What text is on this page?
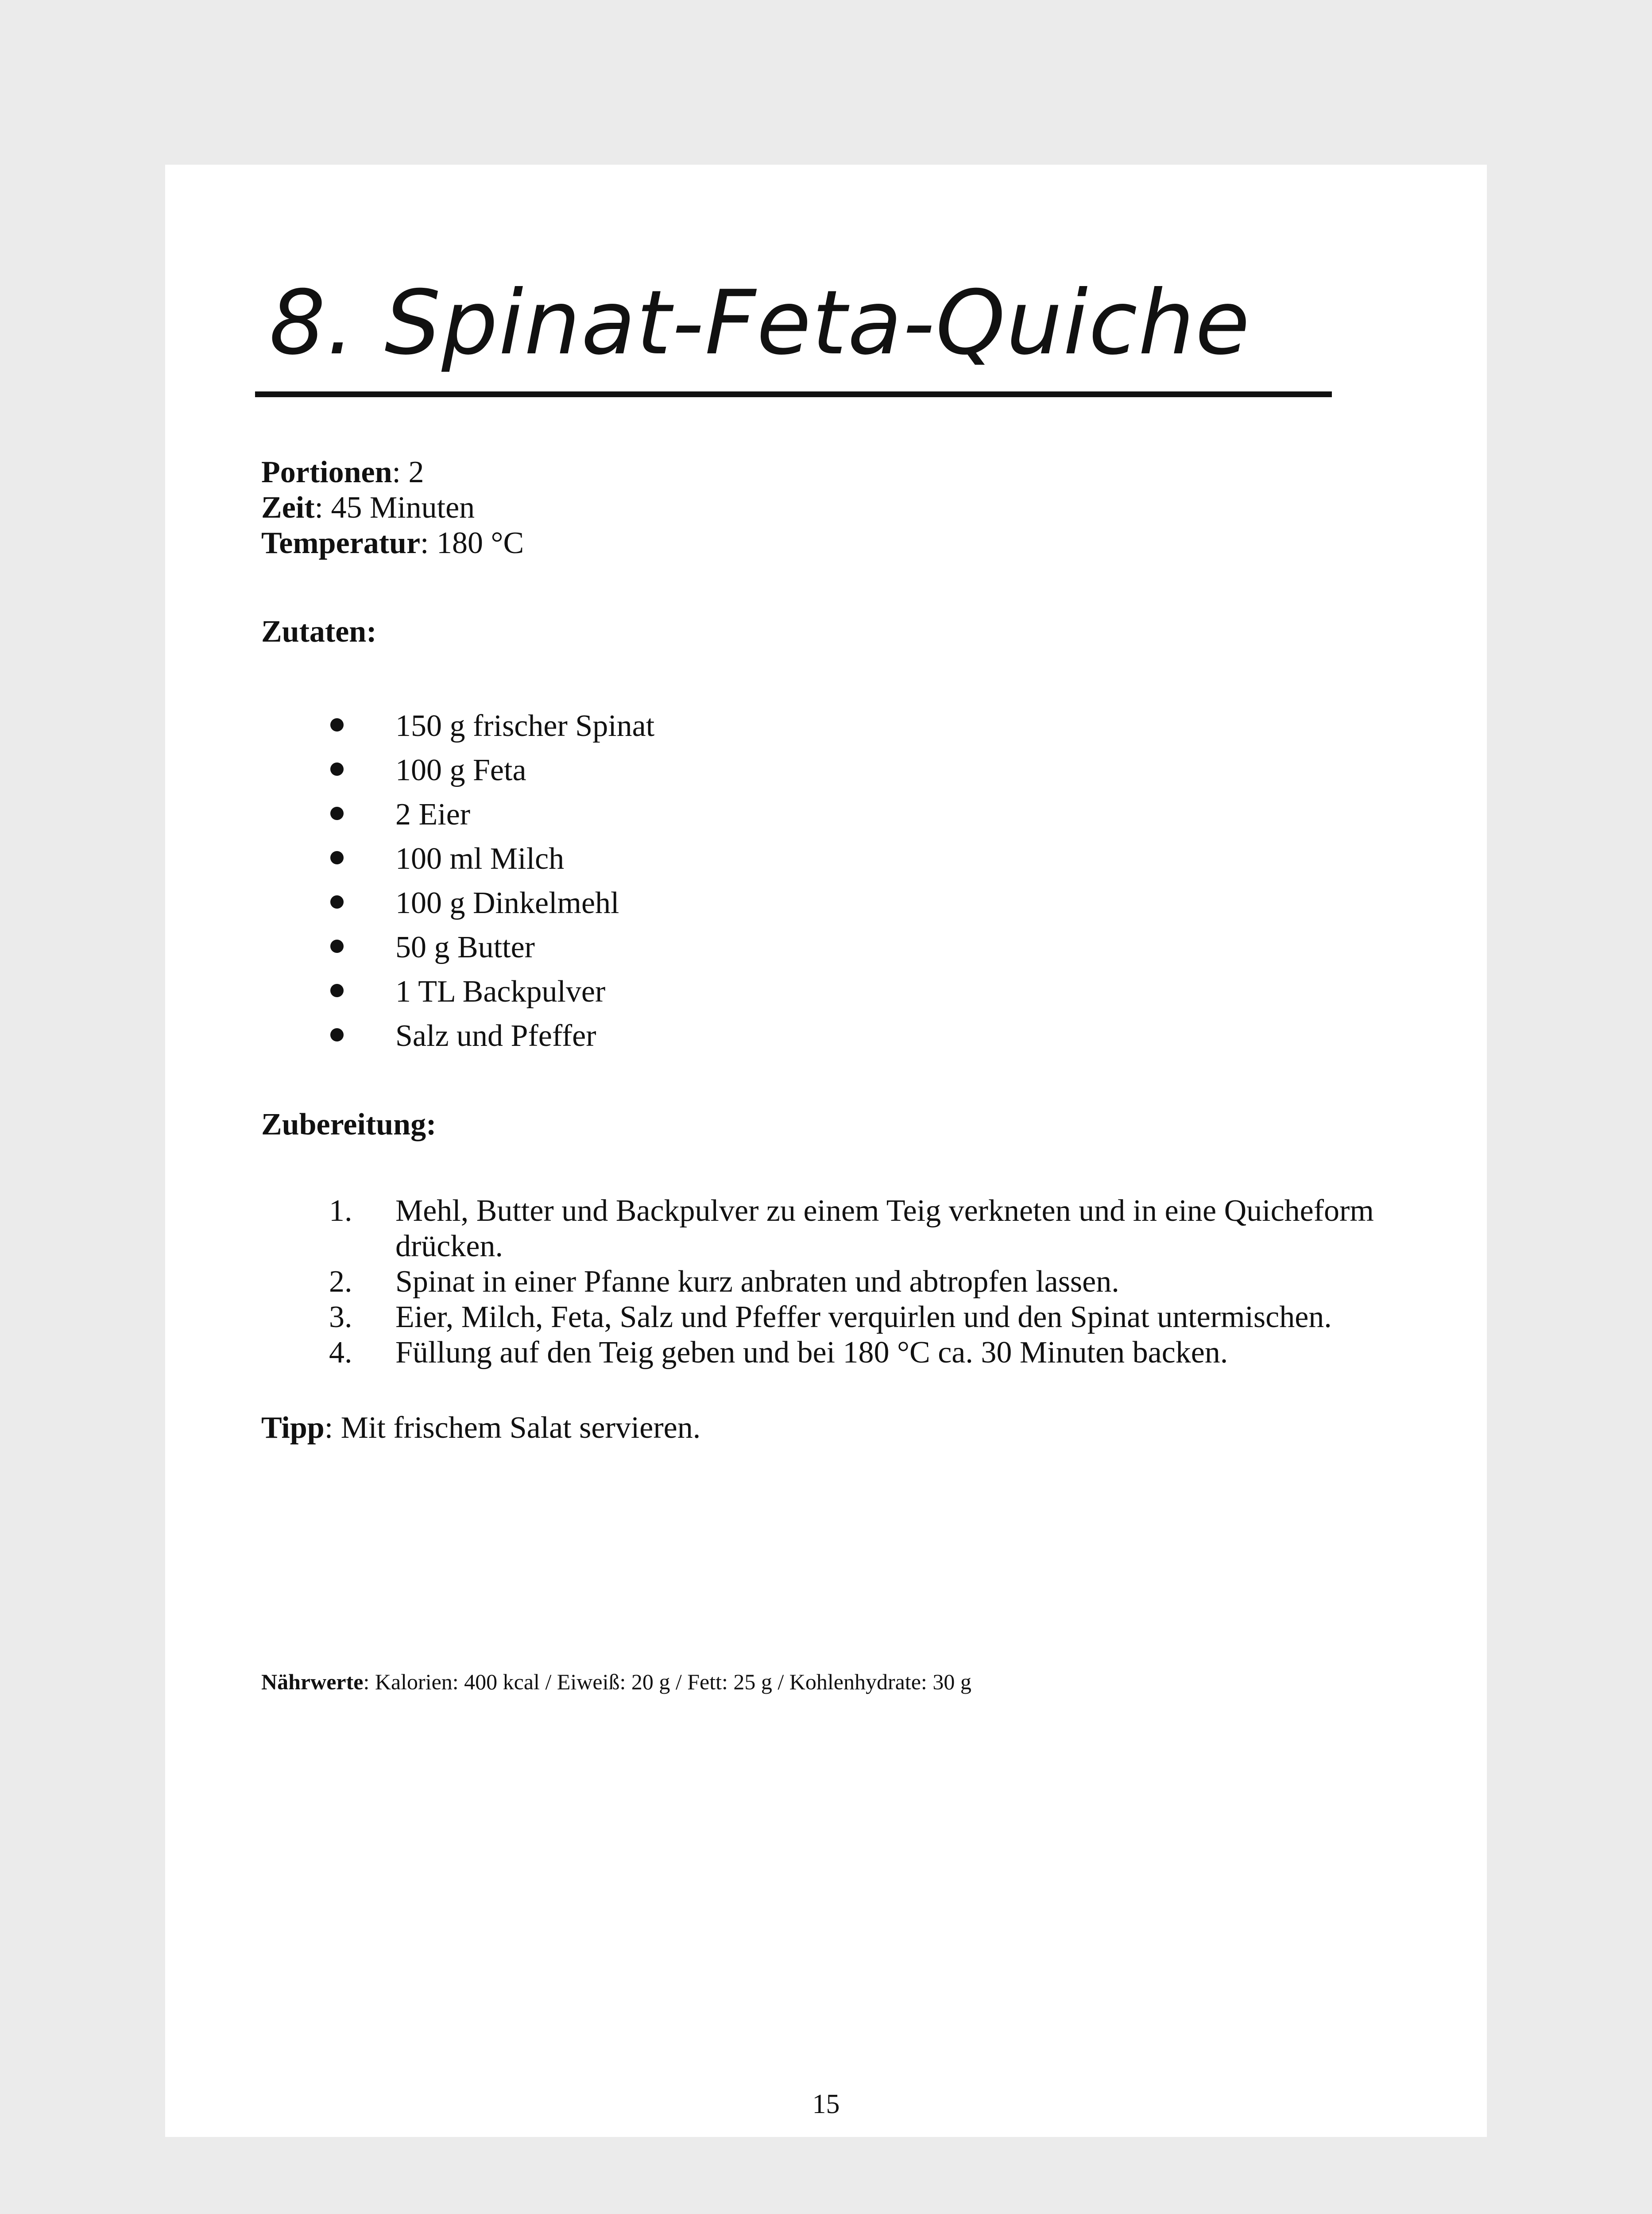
8. Spinat-Feta-Quiche
Portionen: 2
Zeit: 45 Minuten
Temperatur: 180 °C
Zutaten:
150 g frischer Spinat
100 g Feta
2 Eier
100 ml Milch
100 g Dinkelmehl
50 g Butter
1 TL Backpulver
Salz und Pfeffer
Zubereitung:
1. Mehl, Butter und Backpulver zu einem Teig verkneten und in eine Quicheform drücken.
2. Spinat in einer Pfanne kurz anbraten und abtropfen lassen.
3. Eier, Milch, Feta, Salz und Pfeffer verquirlen und den Spinat untermischen.
4. Füllung auf den Teig geben und bei 180 °C ca. 30 Minuten backen.
Tipp: Mit frischem Salat servieren.
Nährwerte: Kalorien: 400 kcal / Eiweiß: 20 g / Fett: 25 g / Kohlenhydrate: 30 g
15
